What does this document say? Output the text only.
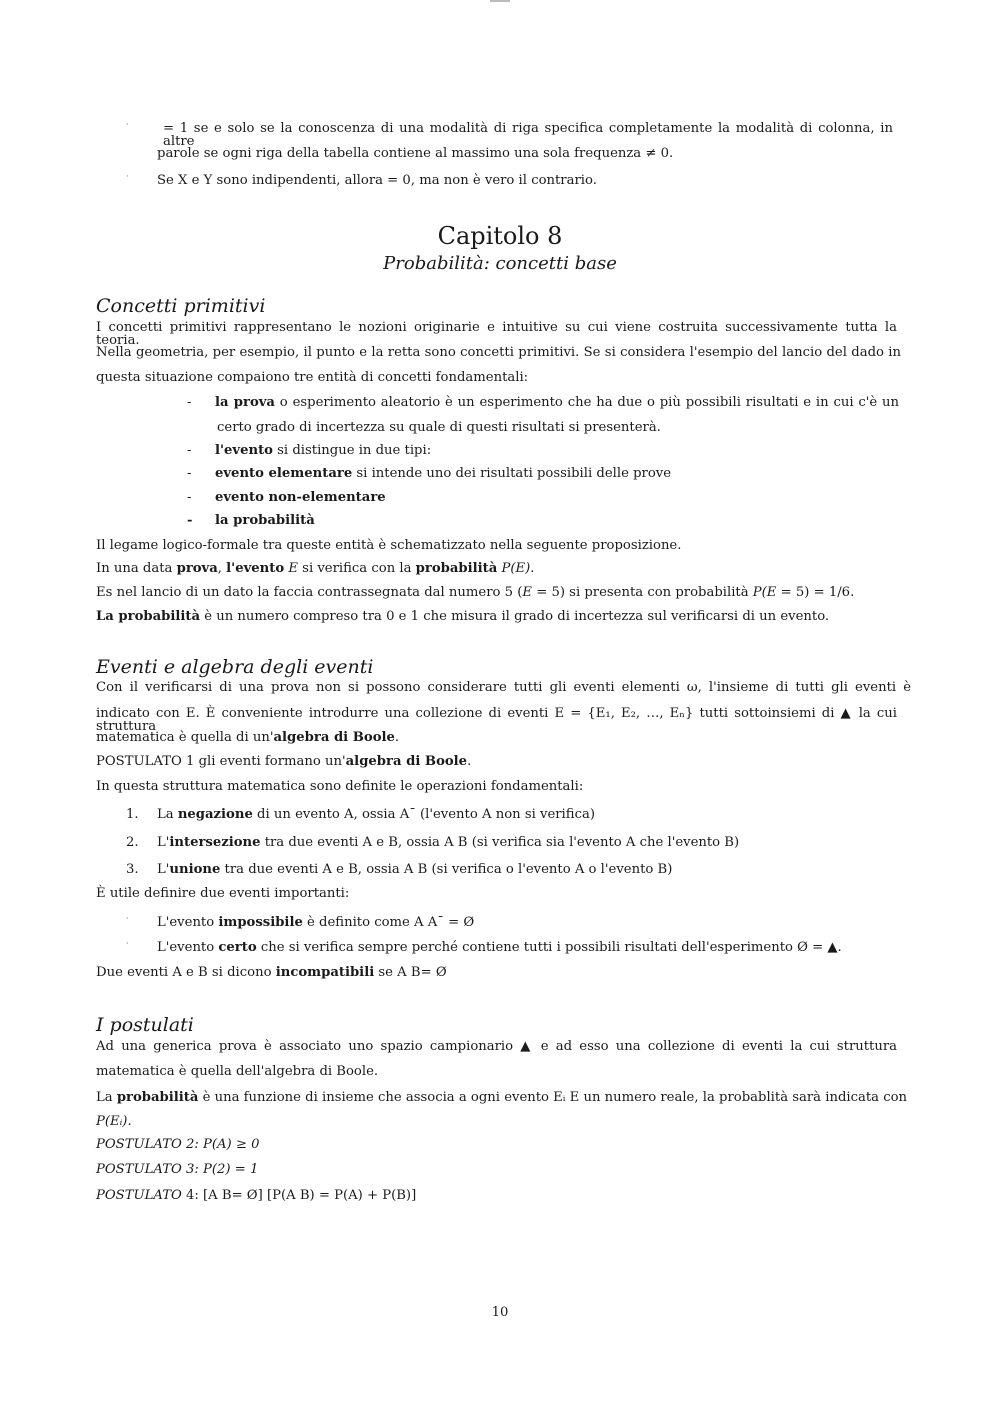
·	= 1 se e solo se la conoscenza di una modalità di riga specifica completamente la modalità di colonna, in altre
parole se ogni riga della tabella contiene al massimo una sola frequenza ≠ 0.
· Se X e Y sono indipendenti, allora = 0, ma non è vero il contrario.
Capitolo 8
Probabilità: concetti base
Concetti primitivi
I concetti primitivi rappresentano le nozioni originarie e intuitive su cui viene costruita successivamente tutta la teoria.
Nella geometria, per esempio, il punto e la retta sono concetti primitivi. Se si considera l'esempio del lancio del dado in
questa situazione compaiono tre entità di concetti fondamentali:
- la prova o esperimento aleatorio è un esperimento che ha due o più possibili risultati e in cui c'è un
certo grado di incertezza su quale di questi risultati si presenterà.
- l'evento si distingue in due tipi:
- evento elementare si intende uno dei risultati possibili delle prove
- evento non-elementare
- la probabilità
Il legame logico-formale tra queste entità è schematizzato nella seguente proposizione.
In una data prova, l'evento E si verifica con la probabilità P(E).
Es nel lancio di un dato la faccia contrassegnata dal numero 5 (E = 5) si presenta con probabilità P(E = 5) = 1/6.
La probabilità è un numero compreso tra 0 e 1 che misura il grado di incertezza sul verificarsi di un evento.
Eventi e algebra degli eventi
Con il verificarsi di una prova non si possono considerare tutti gli eventi elementi ω, l'insieme di tutti gli eventi è
indicato con E. È conveniente introdurre una collezione di eventi E = {E₁, E₂, …, Eₙ} tutti sottoinsiemi di ▲ la cui struttura
matematica è quella di un'algebra di Boole.
POSTULATO 1 gli eventi formano un'algebra di Boole.
In questa struttura matematica sono definite le operazioni fondamentali:
1. La negazione di un evento A, ossia A¯ (l'evento A non si verifica)
2. L'intersezione tra due eventi A e B, ossia A B (si verifica sia l'evento A che l'evento B)
3. L'unione tra due eventi A e B, ossia A B (si verifica o l'evento A o l'evento B)
È utile definire due eventi importanti:
· L'evento impossibile è definito come A A¯ = Ø
· L'evento certo che si verifica sempre perché contiene tutti i possibili risultati dell'esperimento Ø = ▲.
Due eventi A e B si dicono incompatibili se A B= Ø
I postulati
Ad una generica prova è associato uno spazio campionario ▲ e ad esso una collezione di eventi la cui struttura
matematica è quella dell'algebra di Boole.
La probabilità è una funzione di insieme che associa a ogni evento Eᵢ E un numero reale, la probablità sarà indicata con
P(Eᵢ).
POSTULATO 2: P(A) ≥ 0
POSTULATO 3: P(2) = 1
POSTULATO 4: [A B= Ø] [P(A B) = P(A) + P(B)]
10
